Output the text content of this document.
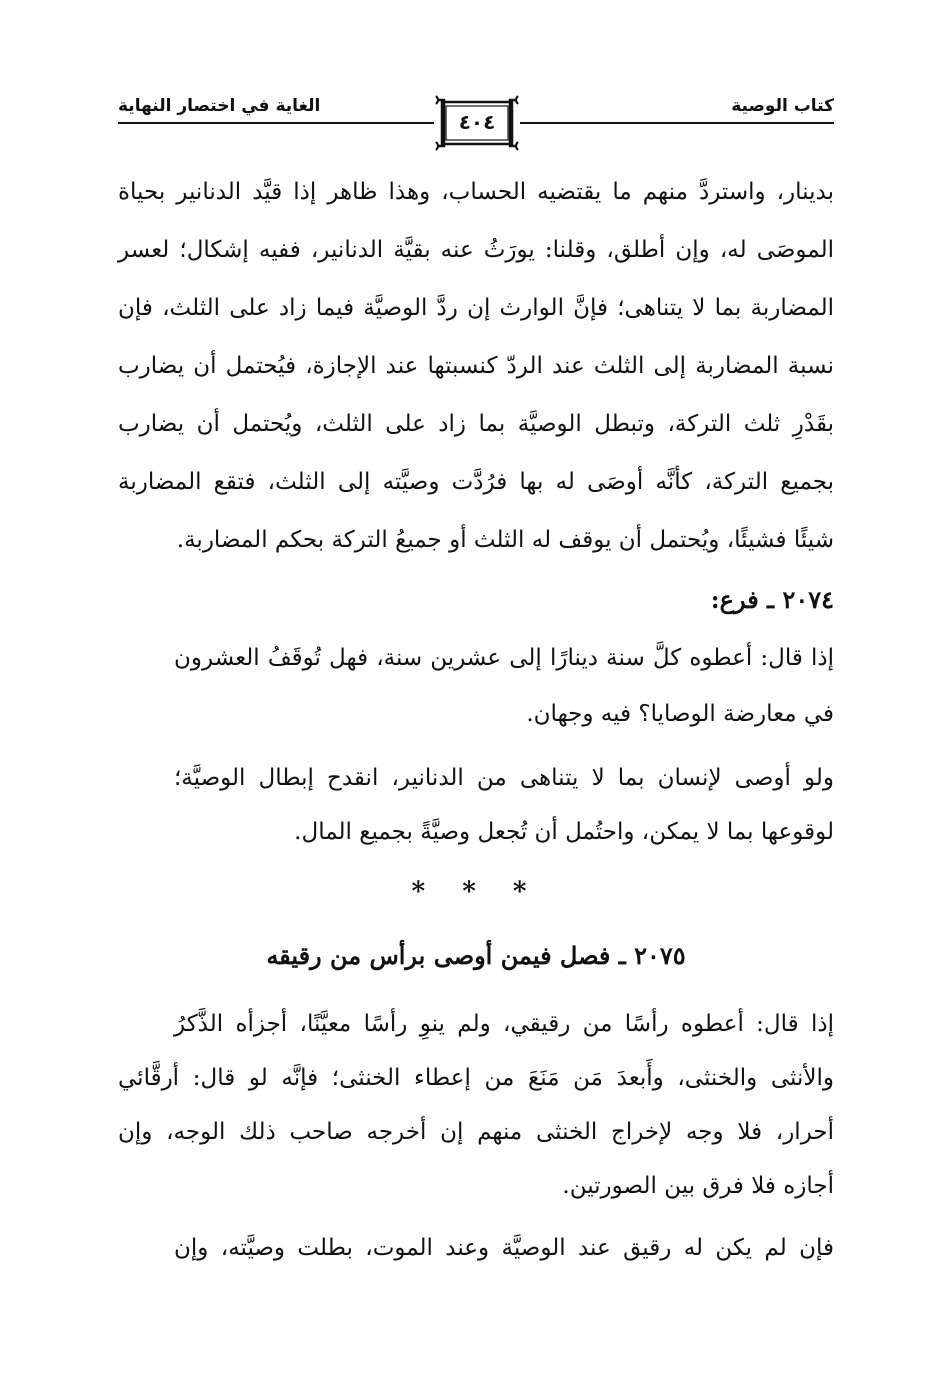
كتاب الوصية
الغاية في اختصار النهاية
٤٠٤
بدينار، واستردَّ منهم ما يقتضيه الحساب، وهذا ظاهر إذا قيَّد الدنانير بحياة
الموصَى له، وإن أطلق، وقلنا: يورَثُ عنه بقيَّة الدنانير، ففيه إشكال؛ لعسر
المضاربة بما لا يتناهى؛ فإنَّ الوارث إن ردَّ الوصيَّة فيما زاد على الثلث، فإن
نسبة المضاربة إلى الثلث عند الردّ كنسبتها عند الإجازة، فيُحتمل أن يضارب
بقَدْرِ ثلث التركة، وتبطل الوصيَّة بما زاد على الثلث، ويُحتمل أن يضارب
بجميع التركة، كأنَّه أوصَى له بها فرُدَّت وصيَّته إلى الثلث، فتقع المضاربة
شيئًا فشيئًا، ويُحتمل أن يوقف له الثلث أو جميعُ التركة بحكم المضاربة.
٢٠٧٤ ـ فرع:
إذا قال: أعطوه كلَّ سنة دينارًا إلى عشرين سنة، فهل تُوقَفُ العشرون
في معارضة الوصايا؟ فيه وجهان.
ولو أوصى لإنسان بما لا يتناهى من الدنانير، انقدح إبطال الوصيَّة؛
لوقوعها بما لا يمكن، واحتُمل أن تُجعل وصيَّةً بجميع المال.
* * *
٢٠٧٥ ـ فصل فيمن أوصى برأس من رقيقه
إذا قال: أعطوه رأسًا من رقيقي، ولم ينوِ رأسًا معيَّنًا، أجزأه الذَّكرُ
والأنثى والخنثى، وأَبعدَ مَن مَنَعَ من إعطاء الخنثى؛ فإنَّه لو قال: أرقَّائي
أحرار، فلا وجه لإخراج الخنثى منهم إن أخرجه صاحب ذلك الوجه، وإن
أجازه فلا فرق بين الصورتين.
فإن لم يكن له رقيق عند الوصيَّة وعند الموت، بطلت وصيَّته، وإن
